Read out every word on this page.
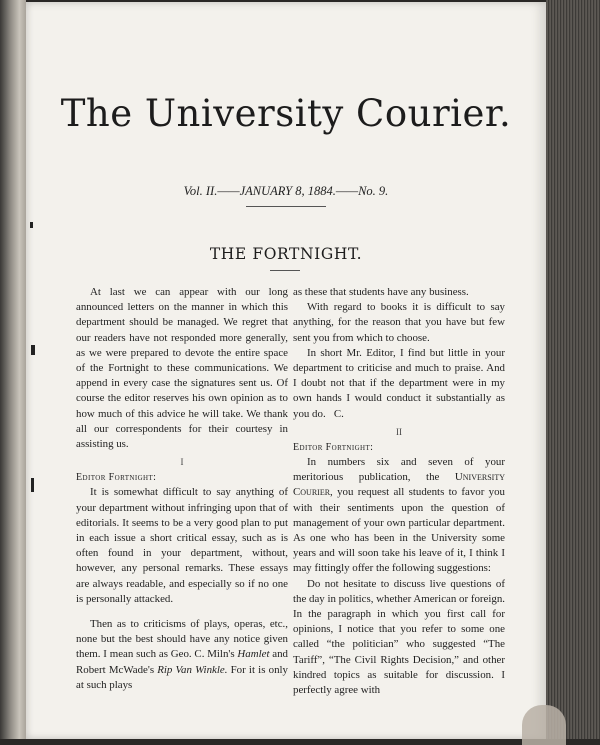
The University Courier.
Vol. II.——JANUARY 8, 1884.——No. 9.
THE FORTNIGHT.

At last we can appear with our long announced letters on the manner in which this department should be managed. We regret that our readers have not responded more generally, as we were prepared to devote the entire space of the Fortnight to these communications. We append in every case the signatures sent us. Of course the editor reserves his own opinion as to how much of this advice he will take. We thank all our correspondents for their courtesy in assisting us.

I

Editor Fortnight:

It is somewhat difficult to say anything of your department without infringing upon that of editorials. It seems to be a very good plan to put in each issue a short critical essay, such as is often found in your department, without, however, any personal remarks. These essays are always readable, and especially so if no one is personally attacked.

Then as to criticisms of plays, operas, etc., none but the best should have any notice given them. I mean such as Geo. C. Miln's Hamlet and Robert McWade's Rip Van Winkle. For it is only at such plays

as these that students have any business.

With regard to books it is difficult to say anything, for the reason that you have but few sent you from which to choose.

In short Mr. Editor, I find but little in your department to criticise and much to praise. And I doubt not that if the department were in my own hands I would conduct it substantially as you do. C.

II

Editor Fortnight:

In numbers six and seven of your meritorious publication, the University Courier, you request all students to favor you with their sentiments upon the question of management of your own particular department. As one who has been in the University some years and will soon take his leave of it, I think I may fittingly offer the following suggestions:

Do not hesitate to discuss live questions of the day in politics, whether American or foreign. In the paragraph in which you first call for opinions, I notice that you refer to some one called “the politician” who suggested “The Tariff”, “The Civil Rights Decision,” and other kindred topics as suitable for discussion. I perfectly agree with
